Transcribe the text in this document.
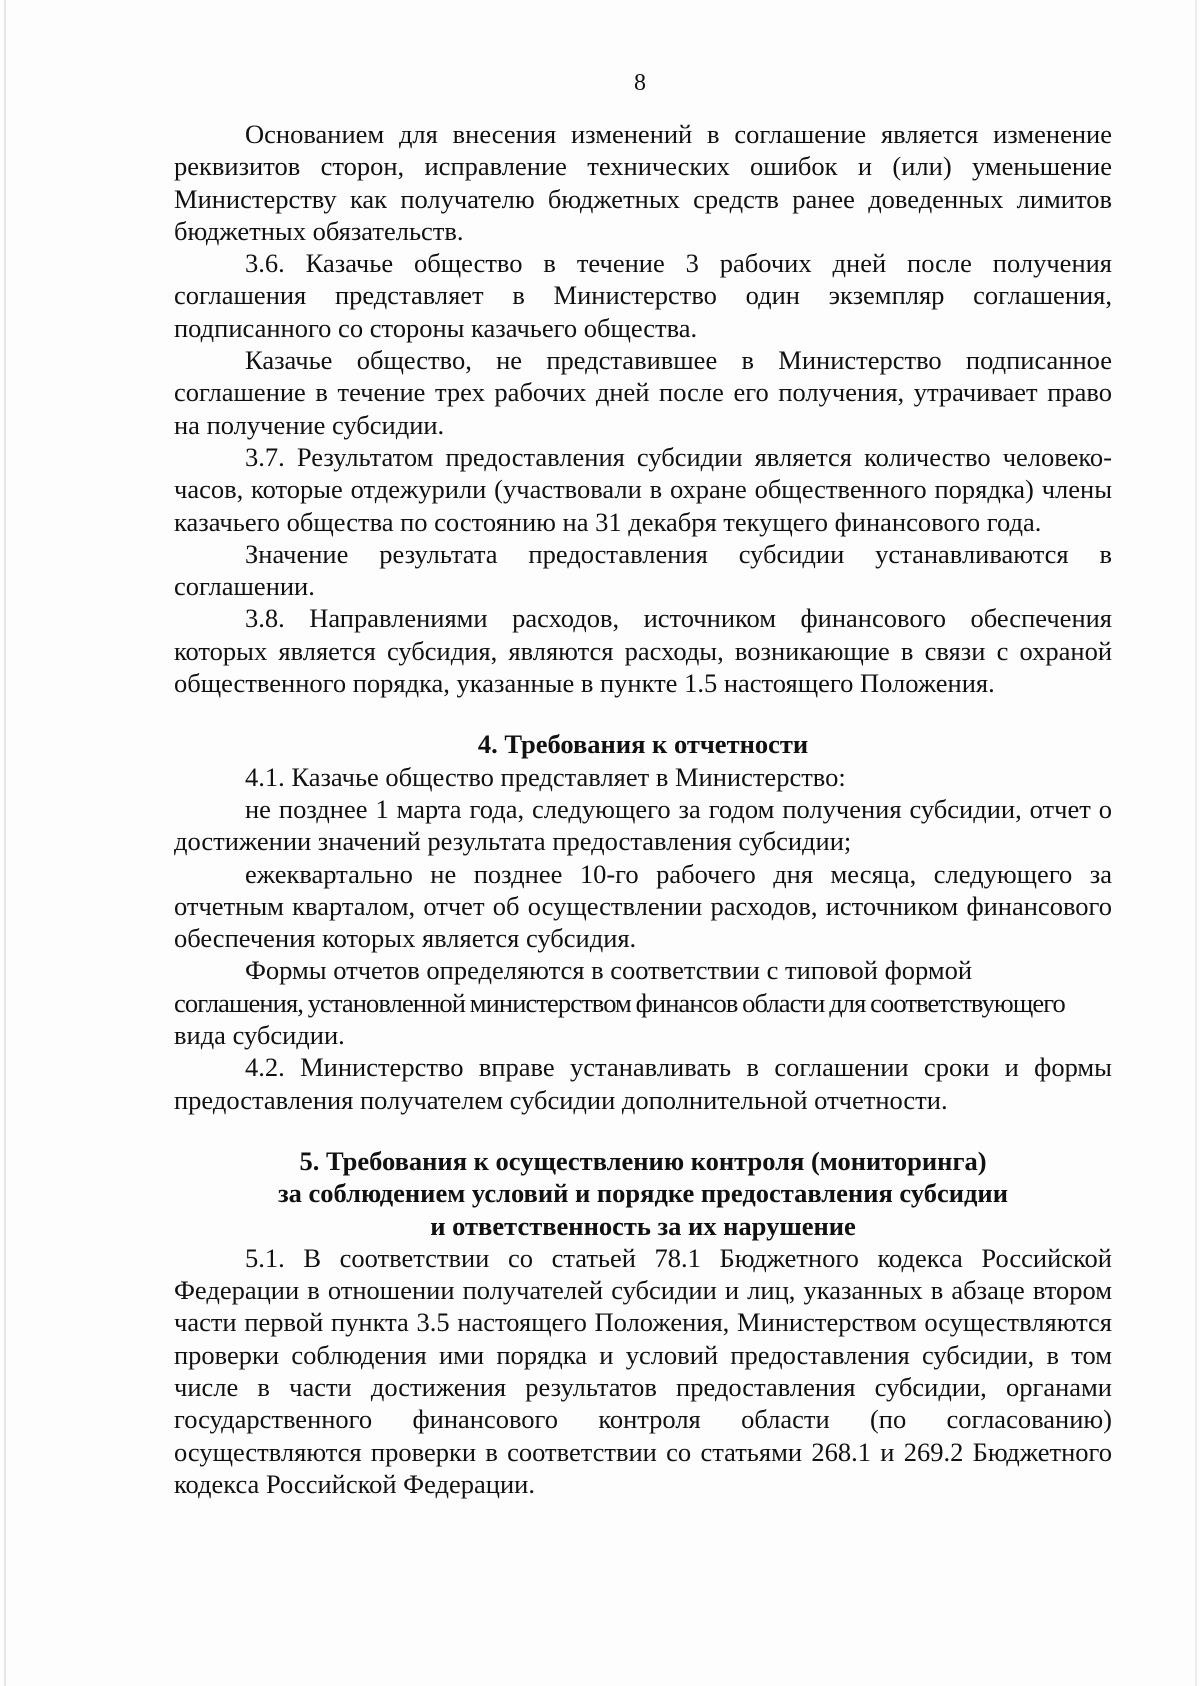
8

Основанием для внесения изменений в соглашение является изменение реквизитов сторон, исправление технических ошибок и (или) уменьшение Министерству как получателю бюджетных средств ранее доведенных лимитов бюджетных обязательств.

3.6. Казачье общество в течение 3 рабочих дней после получения соглашения представляет в Министерство один экземпляр соглашения, подписанного со стороны казачьего общества.

Казачье общество, не представившее в Министерство подписанное соглашение в течение трех рабочих дней после его получения, утрачивает право на получение субсидии.

3.7. Результатом предоставления субсидии является количество человеко-часов, которые отдежурили (участвовали в охране общественного порядка) члены казачьего общества по состоянию на 31 декабря текущего финансового года.

Значение результата предоставления субсидии устанавливаются в соглашении.

3.8. Направлениями расходов, источником финансового обеспечения которых является субсидия, являются расходы, возникающие в связи с охраной общественного порядка, указанные в пункте 1.5 настоящего Положения.

4. Требования к отчетности

4.1. Казачье общество представляет в Министерство:

не позднее 1 марта года, следующего за годом получения субсидии, отчет о достижении значений результата предоставления субсидии;

ежеквартально не позднее 10-го рабочего дня месяца, следующего за отчетным кварталом, отчет об осуществлении расходов, источником финансового обеспечения которых является субсидия.

Формы отчетов определяются в соответствии с типовой формой

соглашения, установленной министерством финансов области для соответствующего

вида субсидии.

4.2. Министерство вправе устанавливать в соглашении сроки и формы предоставления получателем субсидии дополнительной отчетности.

5. Требования к осуществлению контроля (мониторинга)
за соблюдением условий и порядке предоставления субсидии
и ответственность за их нарушение

5.1. В соответствии со статьей 78.1 Бюджетного кодекса Российской Федерации в отношении получателей субсидии и лиц, указанных в абзаце втором части первой пункта 3.5 настоящего Положения, Министерством осуществляются проверки соблюдения ими порядка и условий предоставления субсидии, в том числе в части достижения результатов предоставления субсидии, органами государственного финансового контроля области (по согласованию) осуществляются проверки в соответствии со статьями 268.1 и 269.2 Бюджетного кодекса Российской Федерации.
